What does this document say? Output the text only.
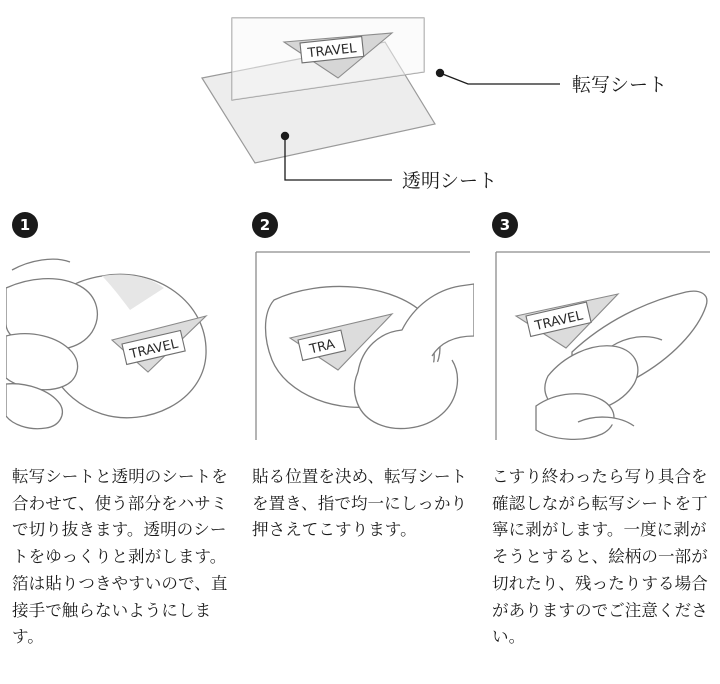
TRAVEL
転写シート
透明シート
1
TRAVEL
転写シートと透明のシートを合わせて、使う部分をハサミで切り抜きます。透明のシートをゆっくりと剥がします。箔は貼りつきやすいので、直接手で触らないようにします。
2
TRA
貼る位置を決め、転写シートを置き、指で均一にしっかり押さえてこすります。
3
TRAVEL
こすり終わったら写り具合を確認しながら転写シートを丁寧に剥がします。一度に剥がそうとすると、絵柄の一部が切れたり、残ったりする場合がありますのでご注意ください。
